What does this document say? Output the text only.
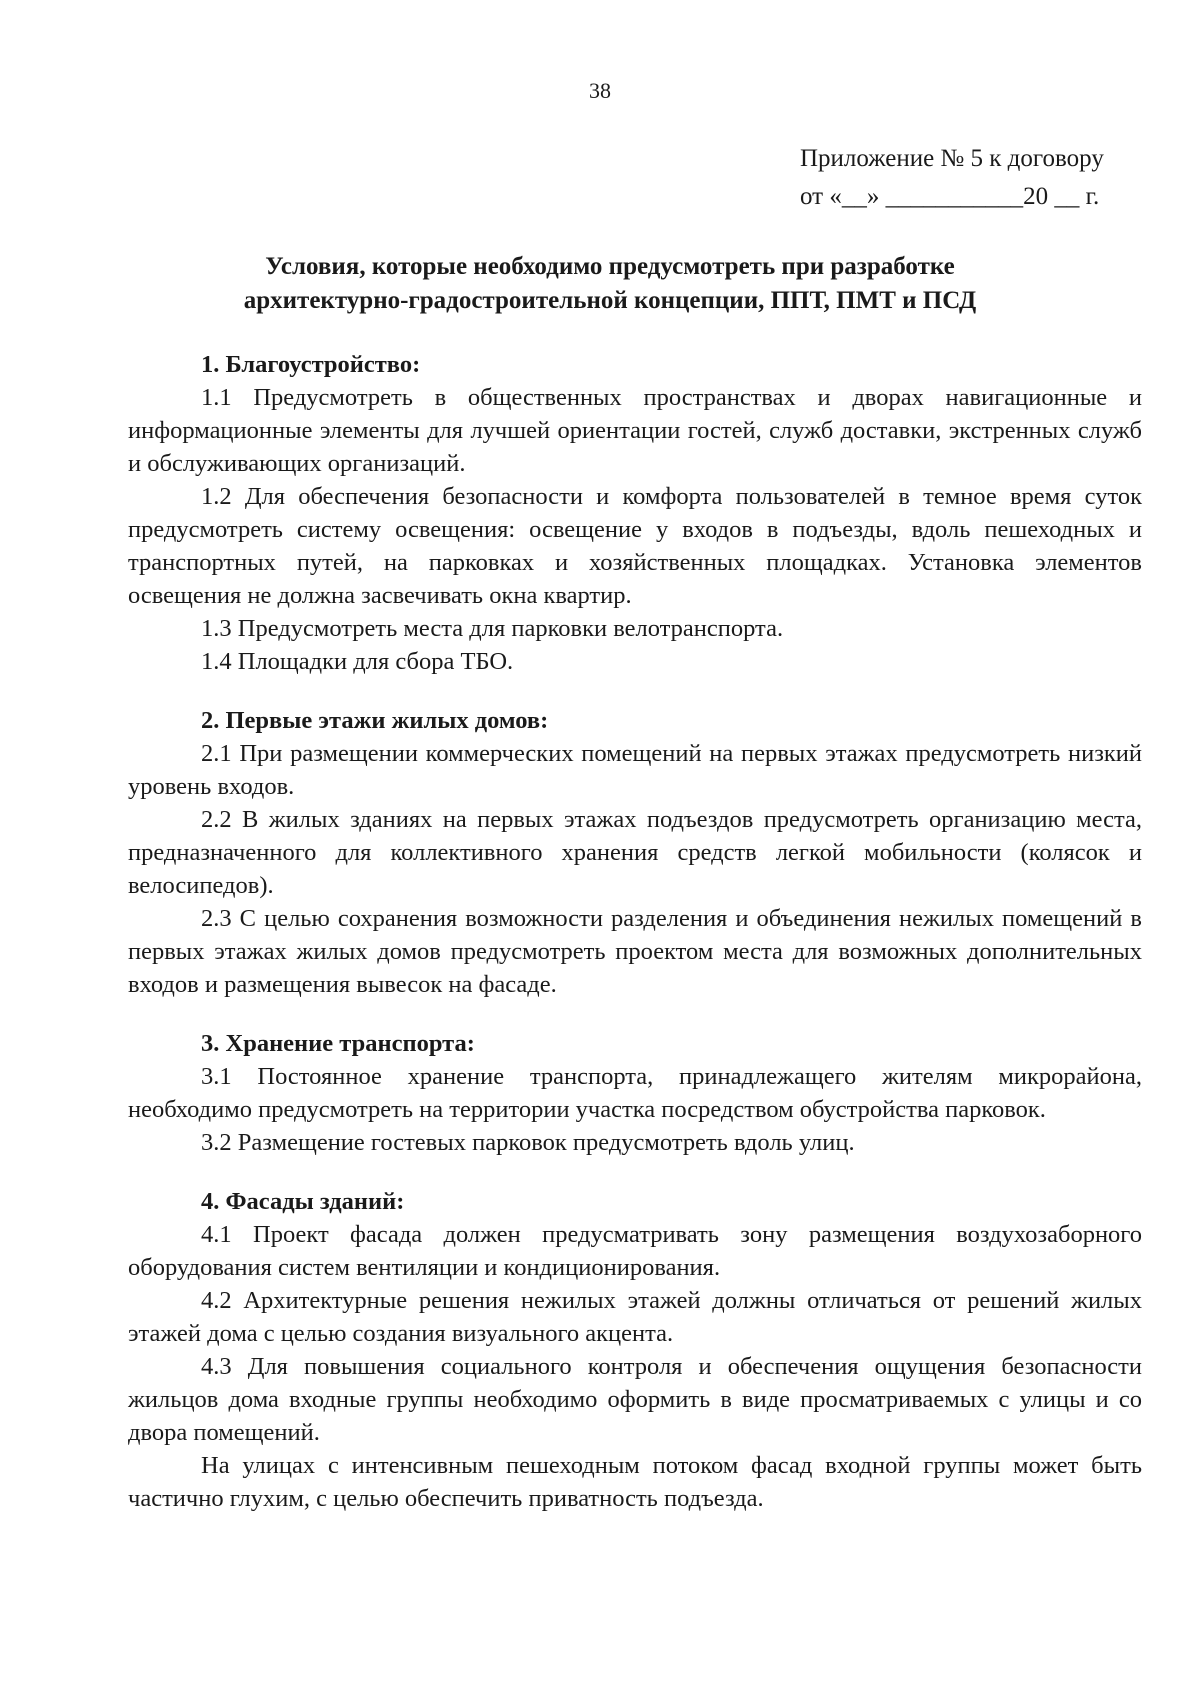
38
Приложение № 5 к договору
от «__» ___________20 __ г.
Условия, которые необходимо предусмотреть при разработке
архитектурно-градостроительной концепции, ППТ, ПМТ и ПСД

1. Благоустройство:

1.1 Предусмотреть в общественных пространствах и дворах навигационные и информационные элементы для лучшей ориентации гостей, служб доставки, экстренных служб и обслуживающих организаций.

1.2 Для обеспечения безопасности и комфорта пользователей в темное время суток предусмотреть систему освещения: освещение у входов в подъезды, вдоль пешеходных и транспортных путей, на парковках и хозяйственных площадках. Установка элементов освещения не должна засвечивать окна квартир.

1.3 Предусмотреть места для парковки велотранспорта.

1.4 Площадки для сбора ТБО.

2. Первые этажи жилых домов:

2.1 При размещении коммерческих помещений на первых этажах предусмотреть низкий уровень входов.

2.2 В жилых зданиях на первых этажах подъездов предусмотреть организацию места, предназначенного для коллективного хранения средств легкой мобильности (колясок и велосипедов).

2.3 С целью сохранения возможности разделения и объединения нежилых помещений в первых этажах жилых домов предусмотреть проектом места для возможных дополнительных входов и размещения вывесок на фасаде.

3. Хранение транспорта:

3.1 Постоянное хранение транспорта, принадлежащего жителям микрорайона, необходимо предусмотреть на территории участка посредством обустройства парковок.

3.2 Размещение гостевых парковок предусмотреть вдоль улиц.

4. Фасады зданий:

4.1 Проект фасада должен предусматривать зону размещения воздухозаборного оборудования систем вентиляции и кондиционирования.

4.2 Архитектурные решения нежилых этажей должны отличаться от решений жилых этажей дома с целью создания визуального акцента.

4.3 Для повышения социального контроля и обеспечения ощущения безопасности жильцов дома входные группы необходимо оформить в виде просматриваемых с улицы и со двора помещений.

На улицах с интенсивным пешеходным потоком фасад входной группы может быть частично глухим, с целью обеспечить приватность подъезда.
